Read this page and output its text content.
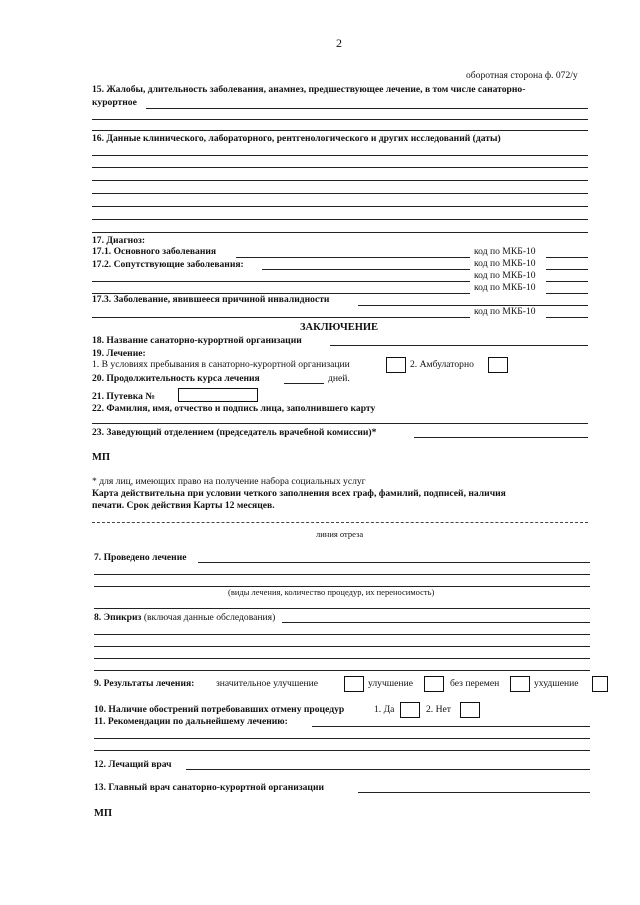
2
оборотная сторона ф. 072/у
15. Жалобы, длительность заболевания, анамнез, предшествующее лечение, в том числе санаторно-
курортное
16. Данные клинического, лабораторного, рентгенологического и других исследований (даты)
17. Диагноз:
17.1. Основного заболевания	код по МКБ-10
17.2. Сопутствующие заболевания:	код по МКБ-10
код по МКБ-10
код по МКБ-10
17.3. Заболевание, явившееся причиной инвалидности
код по МКБ-10
ЗАКЛЮЧЕНИЕ
18. Название санаторно-курортной организации
19. Лечение:
1. В условиях пребывания в санаторно-курортной организации	2. Амбулаторно
20. Продолжительность курса лечения	дней.
21. Путевка №
22. Фамилия, имя, отчество и подпись лица, заполнившего карту
23. Заведующий отделением (председатель врачебной комиссии)*
МП
* для лиц, имеющих право на получение набора социальных услуг
Карта действительна при условии четкого заполнения всех граф, фамилий, подписей, наличия
печати. Срок действия Карты 12 месяцев.
линия отреза
7. Проведено лечение
(виды лечения, количество процедур, их переносимость)
8. Эпикриз (включая данные обследования)
9. Результаты лечения: значительное улучшение	улучшение	без перемен	ухудшение
10. Наличие обострений потребовавших отмену процедур	1. Да	2. Нет
11. Рекомендации по дальнейшему лечению:
12. Лечащий врач
13. Главный врач санаторно-курортной организации
МП
